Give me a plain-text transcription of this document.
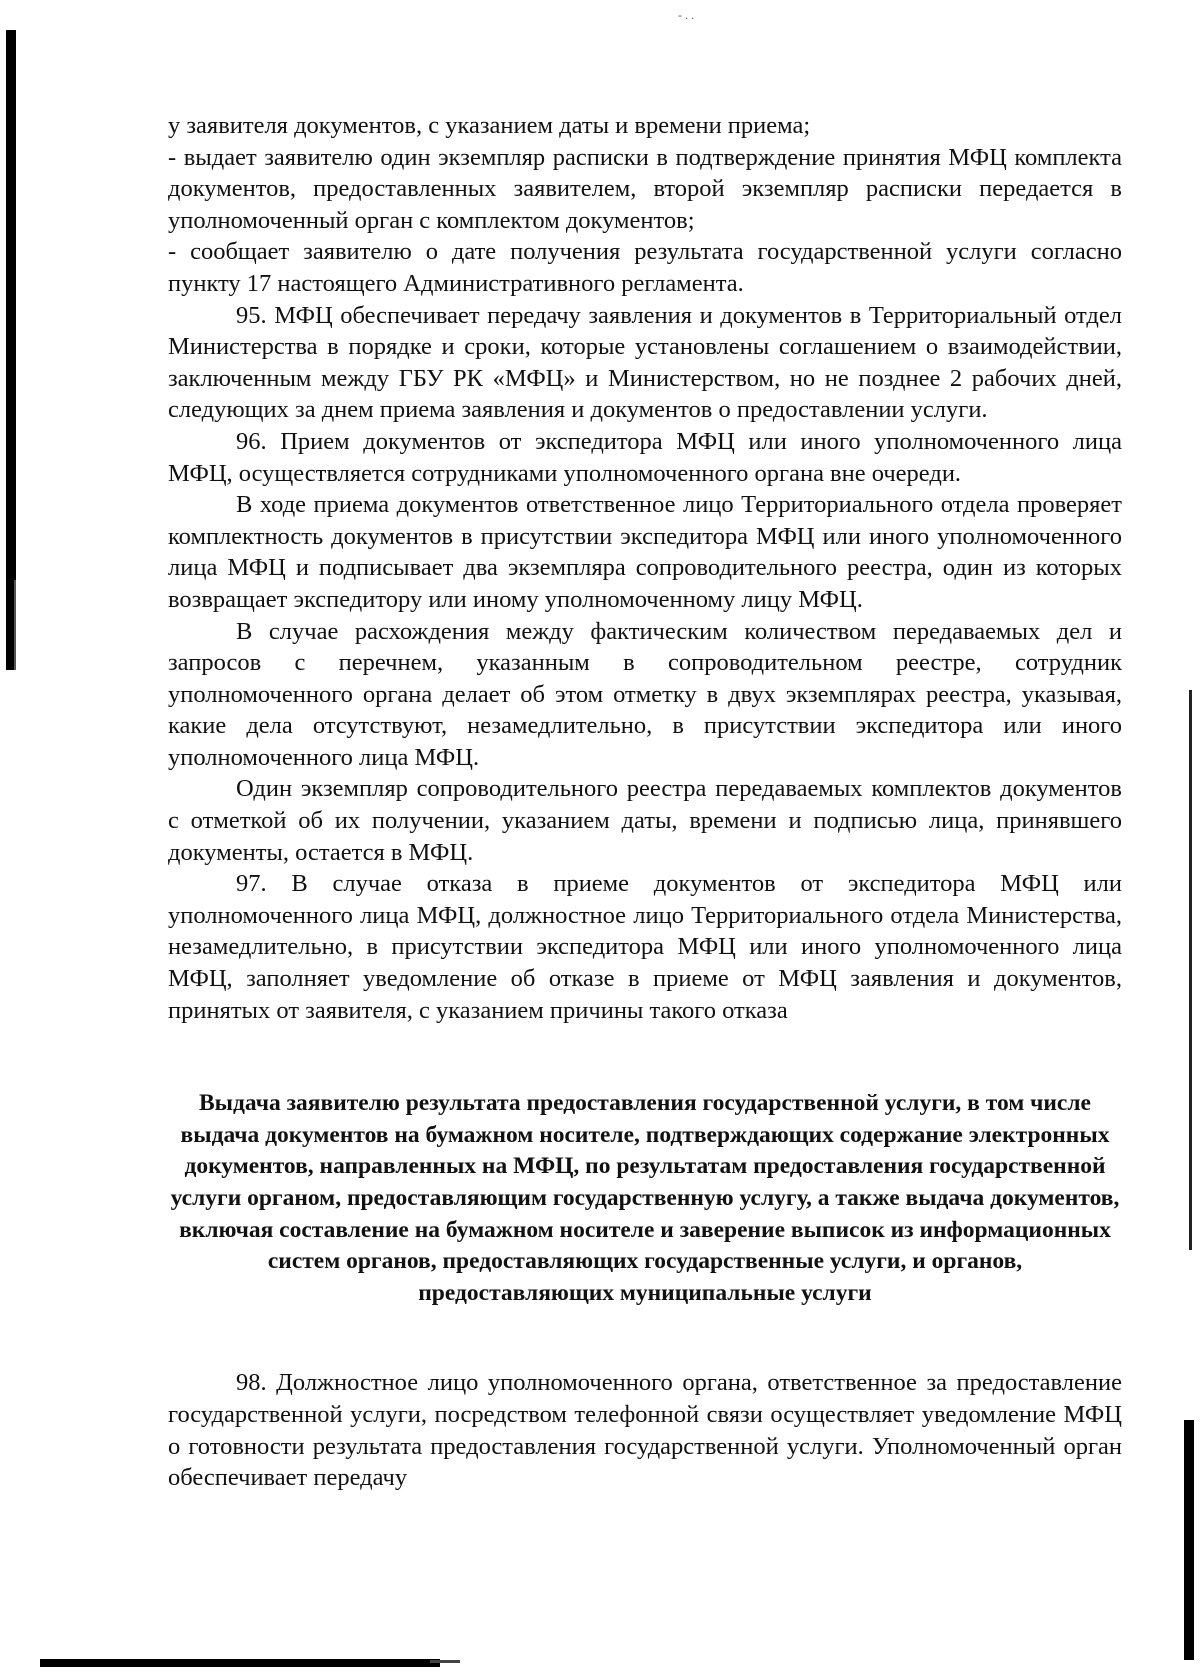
- . .

у заявителя документов, с указанием даты и времени приема;

- выдает заявителю один экземпляр расписки в подтверждение принятия МФЦ комплекта документов, предоставленных заявителем, второй экземпляр расписки передается в уполномоченный орган с комплектом документов;

- сообщает заявителю о дате получения результата государственной услуги согласно пункту 17 настоящего Административного регламента.

95. МФЦ обеспечивает передачу заявления и документов в Территориальный отдел Министерства в порядке и сроки, которые установлены соглашением о взаимодействии, заключенным между ГБУ РК «МФЦ» и Министерством, но не позднее 2 рабочих дней, следующих за днем приема заявления и документов о предоставлении услуги.

96. Прием документов от экспедитора МФЦ или иного уполномоченного лица МФЦ, осуществляется сотрудниками уполномоченного органа вне очереди.

В ходе приема документов ответственное лицо Территориального отдела проверяет комплектность документов в присутствии экспедитора МФЦ или иного уполномоченного лица МФЦ и подписывает два экземпляра сопроводительного реестра, один из которых возвращает экспедитору или иному уполномоченному лицу МФЦ.

В случае расхождения между фактическим количеством передаваемых дел и запросов с перечнем, указанным в сопроводительном реестре, сотрудник уполномоченного органа делает об этом отметку в двух экземплярах реестра, указывая, какие дела отсутствуют, незамедлительно, в присутствии экспедитора или иного уполномоченного лица МФЦ.

Один экземпляр сопроводительного реестра передаваемых комплектов документов с отметкой об их получении, указанием даты, времени и подписью лица, принявшего документы, остается в МФЦ.

97. В случае отказа в приеме документов от экспедитора МФЦ или уполномоченного лица МФЦ, должностное лицо Территориального отдела Министерства, незамедлительно, в присутствии экспедитора МФЦ или иного уполномоченного лица МФЦ, заполняет уведомление об отказе в приеме от МФЦ заявления и документов, принятых от заявителя, с указанием причины такого отказа

Выдача заявителю результата предоставления государственной услуги, в том числе выдача документов на бумажном носителе, подтверждающих содержание электронных документов, направленных на МФЦ, по результатам предоставления государственной услуги органом, предоставляющим государственную услугу, а также выдача документов, включая составление на бумажном носителе и заверение выписок из информационных систем органов, предоставляющих государственные услуги, и органов, предоставляющих муниципальные услуги

98. Должностное лицо уполномоченного органа, ответственное за предоставление государственной услуги, посредством телефонной связи осуществляет уведомление МФЦ о готовности результата предоставления государственной услуги. Уполномоченный орган обеспечивает передачу
